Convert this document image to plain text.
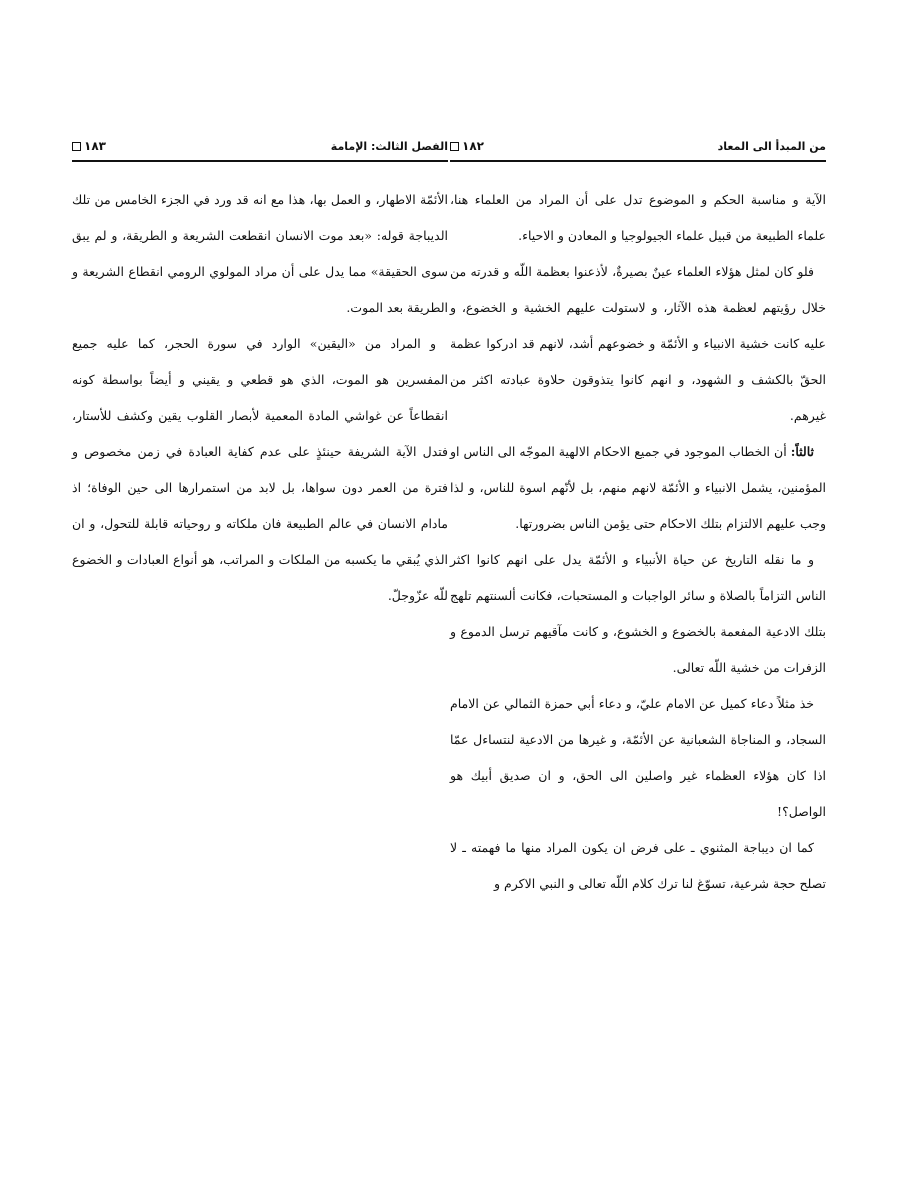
الفصل الثالث: الإمامة
١٨٣

الأئمّة الاطهار، و العمل بها، هذا مع انه قد ورد في الجزء الخامس من تلك الديباجة قوله: «بعد موت الانسان انقطعت الشريعة و الطريقة، و لم يبق سوى الحقيقة» مما يدل على أن مراد المولوي الرومي انقطاع الشريعة و الطريقة بعد الموت.

و المراد من «اليقين» الوارد في سورة الحجر، كما عليه جميع المفسرين هو الموت، الذي هو قطعي و يقيني و أيضاً بواسطة كونه انقطاعاً عن غواشي المادة المعمية لأبصار القلوب يقين وكشف للأستار، فتدل الآية الشريفة حينئذٍ على عدم كفاية العبادة في زمن مخصوص و فترة من العمر دون سواها، بل لابد من استمرارها الى حين الوفاة؛ اذ مادام الانسان في عالم الطبيعة فان ملكاته و روحياته قابلة للتحول، و ان الذي يُبقي ما يكسبه من الملكات و المراتب، هو أنواع العبادات و الخضوع للّه عزّوجلّ.

من المبدأ الى المعاد
١٨٢

الآية و مناسبة الحكم و الموضوع تدل على أن المراد من العلماء هنا، علماء الطبيعة من قبيل علماء الجيولوجيا و المعادن و الاحياء.

فلو كان لمثل هؤلاء العلماء عينٌ بصيرةٌ، لأذعنوا بعظمة اللّه و قدرته من خلال رؤيتهم لعظمة هذه الآثار، و لاستولت عليهم الخشية و الخضوع، و عليه كانت خشية الانبياء و الأئمّة و خضوعهم أشد، لانهم قد ادركوا عظمة الحقّ بالكشف و الشهود، و انهم كانوا يتذوقون حلاوة عبادته اكثر من غيرهم.

ثالثاً: أن الخطاب الموجود في جميع الاحكام الالهية الموجّه الى الناس او المؤمنين، يشمل الانبياء و الأئمّة لانهم منهم، بل لأنّهم اسوة للناس، و لذا وجب عليهم الالتزام بتلك الاحكام حتى يؤمن الناس بضرورتها.

و ما نقله التاريخ عن حياة الأنبياء و الأئمّة يدل على انهم كانوا اكثر الناس التزاماً بالصلاة و سائر الواجبات و المستحبات، فكانت ألسنتهم تلهج بتلك الادعية المفعمة بالخضوع و الخشوع، و كانت مآقيهم ترسل الدموع و الزفرات من خشية اللّه تعالى.

خذ مثلاً دعاء كميل عن الامام عليّ، و دعاء أبي حمزة الثمالي عن الامام السجاد، و المناجاة الشعبانية عن الأئمّة، و غيرها من الادعية لنتساءل عمّا اذا كان هؤلاء العظماء غير واصلين الى الحق، و ان صديق أبيك هو الواصل؟!

كما ان ديباجة المثنوي ـ على فرض ان يكون المراد منها ما فهمته ـ لا تصلح حجة شرعية، تسوّغ لنا ترك كلام اللّه تعالى و النبي الاكرم و
